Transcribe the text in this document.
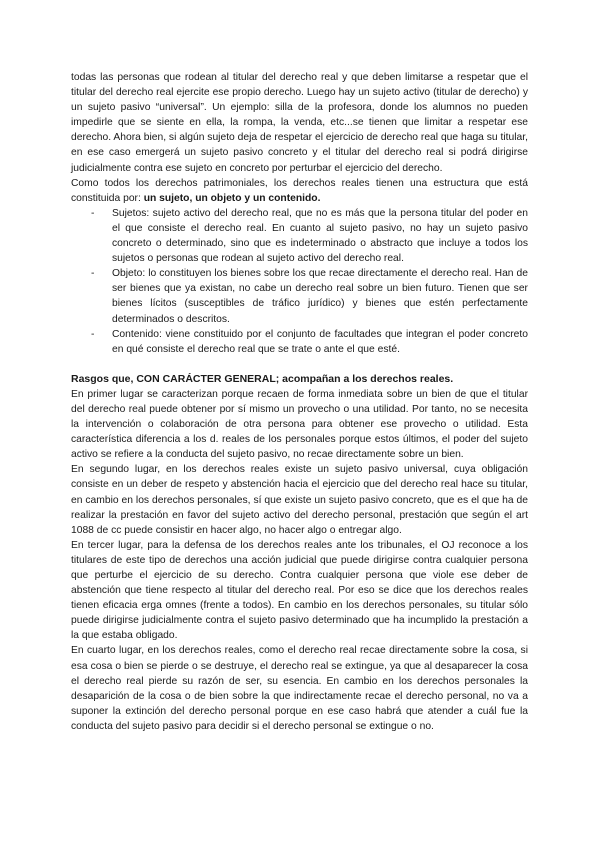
todas las personas que rodean al titular del derecho real y que deben limitarse a respetar que el titular del derecho real ejercite ese propio derecho. Luego hay un sujeto activo (titular de derecho) y un sujeto pasivo “universal”. Un ejemplo: silla de la profesora, donde los alumnos no pueden impedirle que se siente en ella, la rompa, la venda, etc...se tienen que limitar a respetar ese derecho. Ahora bien, si algún sujeto deja de respetar el ejercicio de derecho real que haga su titular, en ese caso emergerá un sujeto pasivo concreto y el titular del derecho real si podrá dirigirse judicialmente contra ese sujeto en concreto por perturbar el ejercicio del derecho.

Como todos los derechos patrimoniales, los derechos reales tienen una estructura que está constituida por: un sujeto, un objeto y un contenido.

- Sujetos: sujeto activo del derecho real, que no es más que la persona titular del poder en el que consiste el derecho real. En cuanto al sujeto pasivo, no hay un sujeto pasivo concreto o determinado, sino que es indeterminado o abstracto que incluye a todos los sujetos o personas que rodean al sujeto activo del derecho real.
- Objeto: lo constituyen los bienes sobre los que recae directamente el derecho real. Han de ser bienes que ya existan, no cabe un derecho real sobre un bien futuro. Tienen que ser bienes lícitos (susceptibles de tráfico jurídico) y bienes que estén perfectamente determinados o descritos.
- Contenido: viene constituido por el conjunto de facultades que integran el poder concreto en qué consiste el derecho real que se trate o ante el que esté.
Rasgos que, CON CARÁCTER GENERAL; acompañan a los derechos reales.

En primer lugar se caracterizan porque recaen de forma inmediata sobre un bien de que el titular del derecho real puede obtener por sí mismo un provecho o una utilidad. Por tanto, no se necesita la intervención o colaboración de otra persona para obtener ese provecho o utilidad. Esta característica diferencia a los d. reales de los personales porque estos últimos, el poder del sujeto activo se refiere a la conducta del sujeto pasivo, no recae directamente sobre un bien.

En segundo lugar, en los derechos reales existe un sujeto pasivo universal, cuya obligación consiste en un deber de respeto y abstención hacia el ejercicio que del derecho real hace su titular, en cambio en los derechos personales, sí que existe un sujeto pasivo concreto, que es el que ha de realizar la prestación en favor del sujeto activo del derecho personal, prestación que según el art 1088 de cc puede consistir en hacer algo, no hacer algo o entregar algo.

En tercer lugar, para la defensa de los derechos reales ante los tribunales, el OJ reconoce a los titulares de este tipo de derechos una acción judicial que puede dirigirse contra cualquier persona que perturbe el ejercicio de su derecho. Contra cualquier persona que viole ese deber de abstención que tiene respecto al titular del derecho real. Por eso se dice que los derechos reales tienen eficacia erga omnes (frente a todos). En cambio en los derechos personales, su titular sólo puede dirigirse judicialmente contra el sujeto pasivo determinado que ha incumplido la prestación a la que estaba obligado.

En cuarto lugar, en los derechos reales, como el derecho real recae directamente sobre la cosa, si esa cosa o bien se pierde o se destruye, el derecho real se extingue, ya que al desaparecer la cosa el derecho real pierde su razón de ser, su esencia. En cambio en los derechos personales la desaparición de la cosa o de bien sobre la que indirectamente recae el derecho personal, no va a suponer la extinción del derecho personal porque en ese caso habrá que atender a cuál fue la conducta del sujeto pasivo para decidir si el derecho personal se extingue o no.
